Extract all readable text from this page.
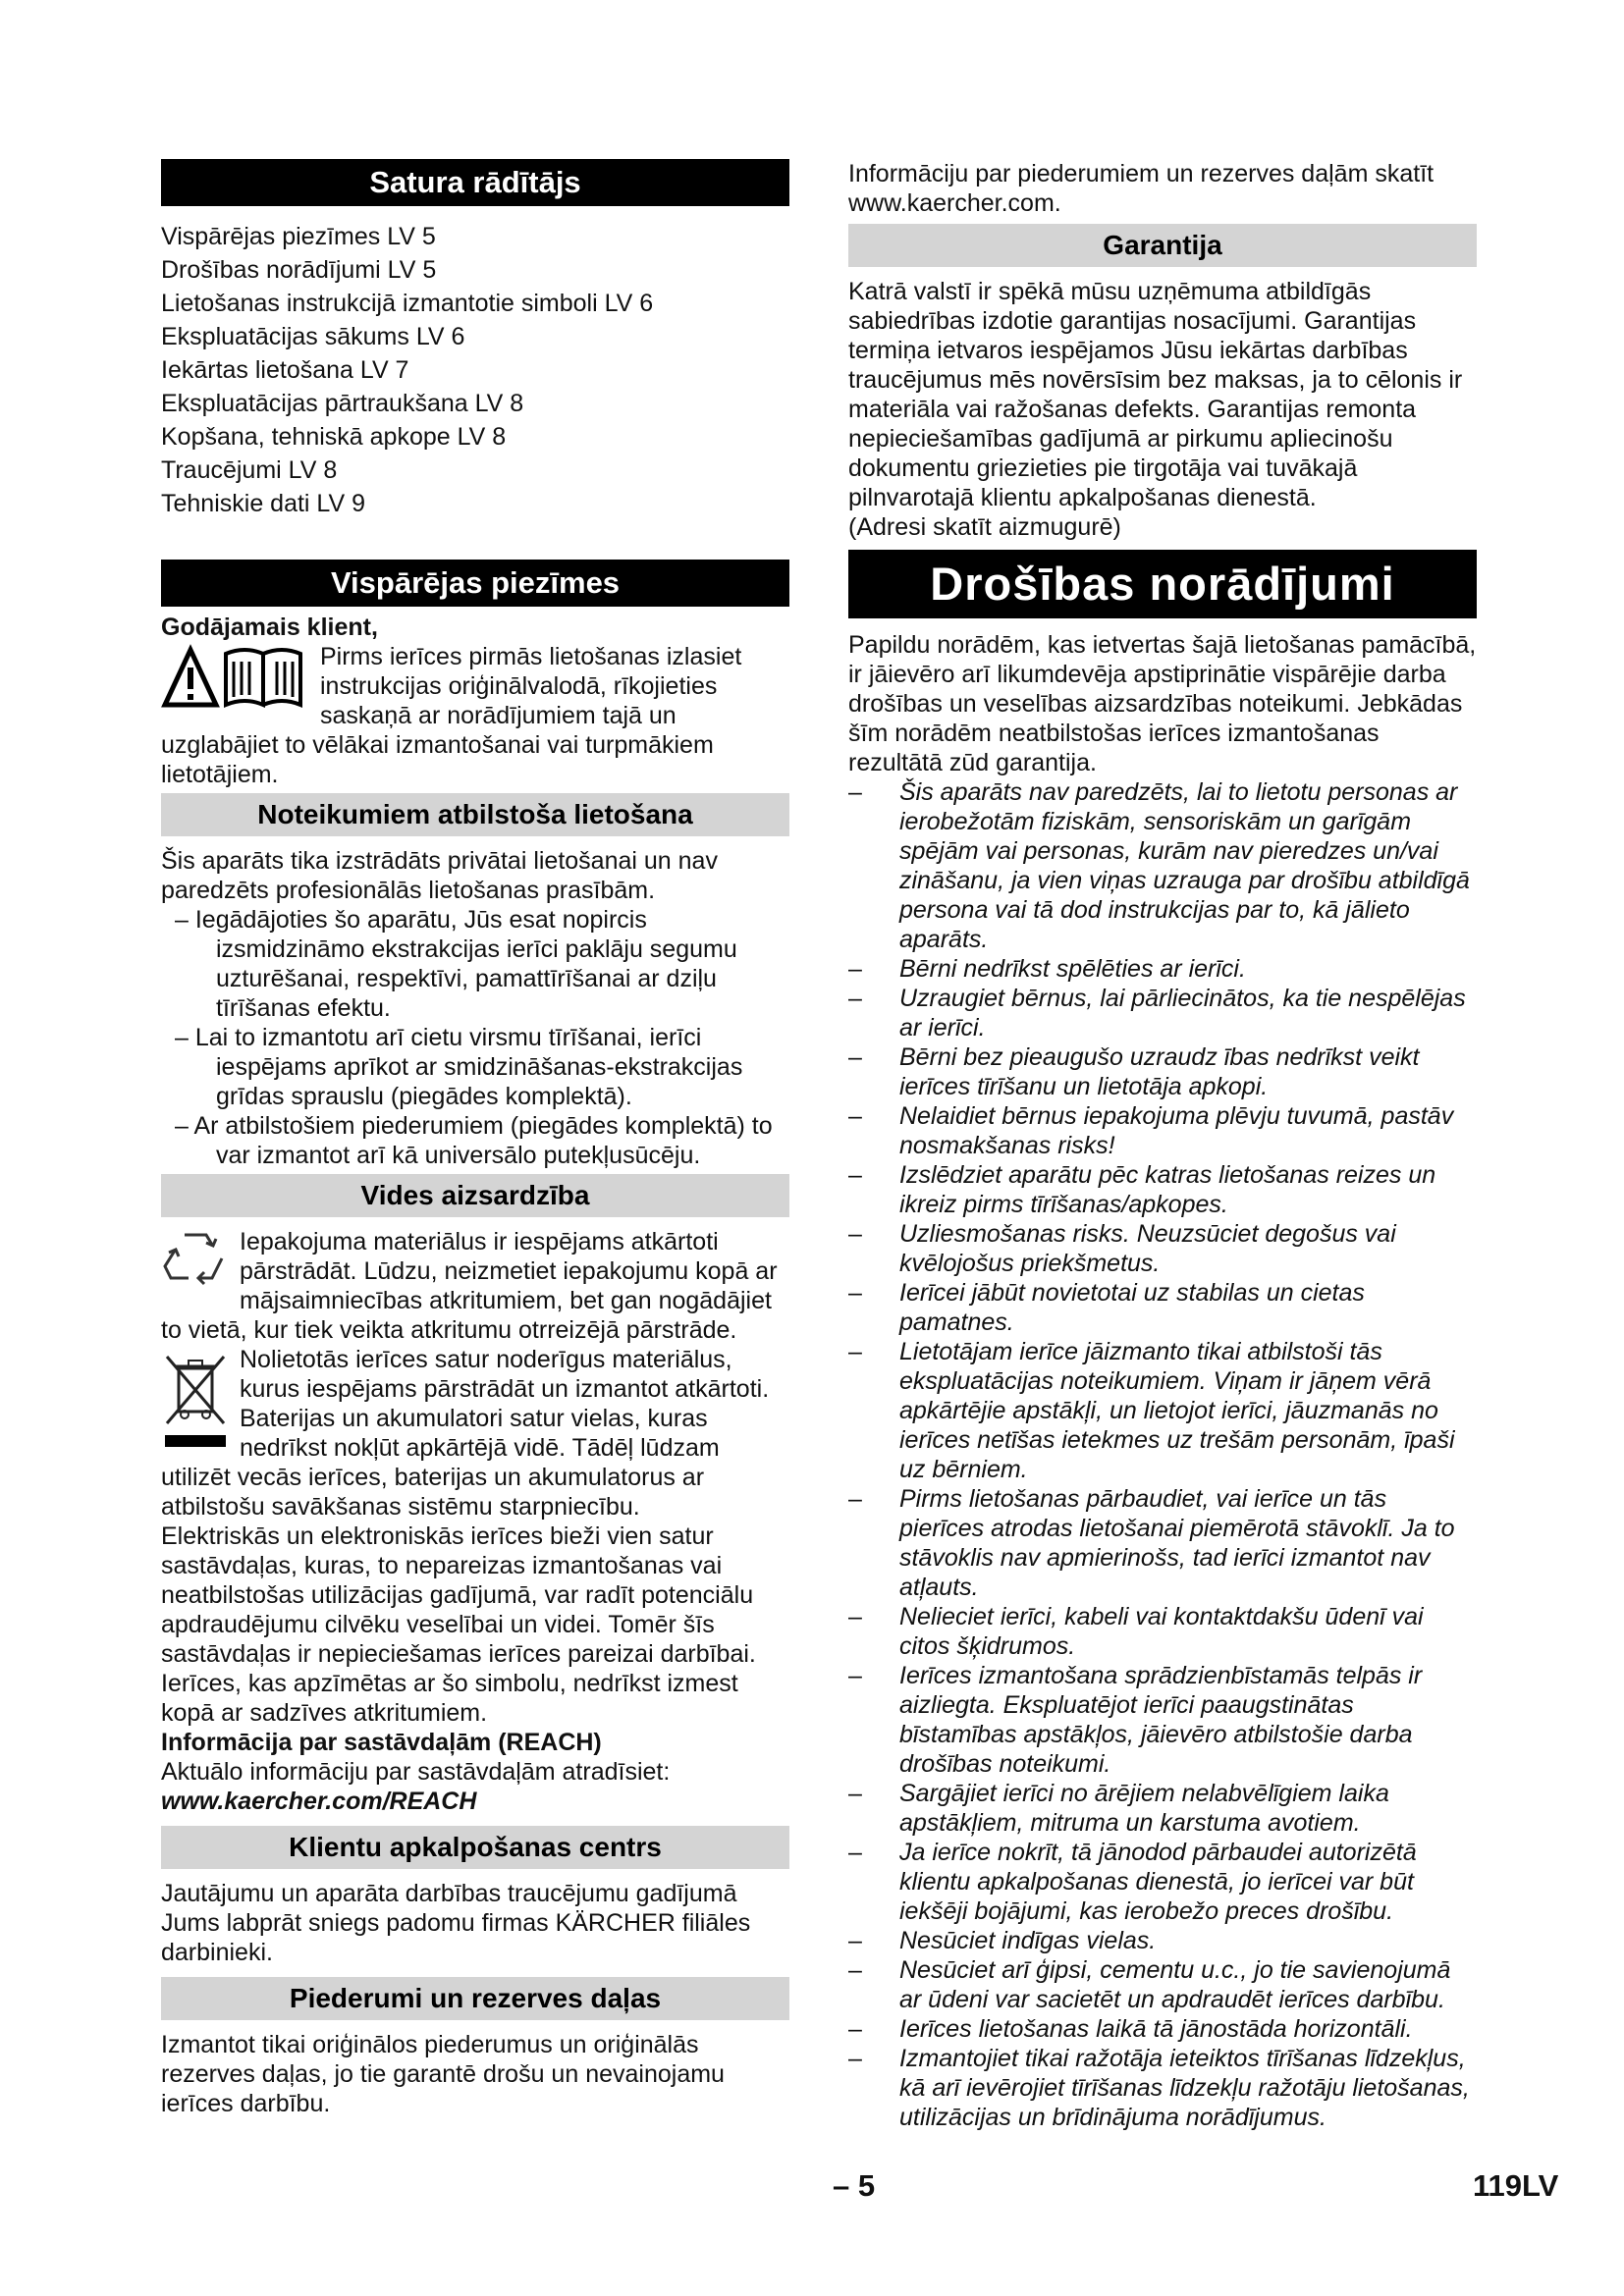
Satura rādītājs
Vispārējas piezīmes LV 5
Drošības norādījumi LV 5
Lietošanas instrukcijā izmantotie simboli LV 6
Ekspluatācijas sākums LV 6
Iekārtas lietošana LV 7
Ekspluatācijas pārtraukšana LV 8
Kopšana, tehniskā apkope LV 8
Traucējumi LV 8
Tehniskie dati LV 9
Vispārējas piezīmes

Godājamais klient,

Pirms ierīces pirmās lietošanas izlasiet instrukcijas oriģinālvalodā, rīkojieties saskaņā ar norādījumiem tajā un uzglabājiet to vēlākai izmantošanai vai turpmākiem lietotājiem.

Noteikumiem atbilstoša lietošana

Šis aparāts tika izstrādāts privātai lietošanai un nav paredzēts profesionālās lietošanas prasībām.

– Iegādājoties šo aparātu, Jūs esat nopircis izsmidzināmo ekstrakcijas ierīci paklāju segumu uzturēšanai, respektīvi, pamattīrīšanai ar dziļu tīrīšanas efektu.

– Lai to izmantotu arī cietu virsmu tīrīšanai, ierīci iespējams aprīkot ar smidzināšanas-ekstrakcijas grīdas sprauslu (piegādes komplektā).

– Ar atbilstošiem piederumiem (piegādes komplektā) to var izmantot arī kā universālo putekļusūcēju.

Vides aizsardzība

Iepakojuma materiālus ir iespējams atkārtoti pārstrādāt. Lūdzu, neizmetiet iepakojumu kopā ar mājsaimniecības atkritumiem, bet gan nogādājiet to vietā, kur tiek veikta atkritumu otrreizējā pārstrāde.

Nolietotās ierīces satur noderīgus materiālus, kurus iespējams pārstrādāt un izmantot atkārtoti. Baterijas un akumulatori satur vielas, kuras nedrīkst nokļūt apkārtējā vidē. Tādēļ lūdzam utilizēt vecās ierīces, baterijas un akumulatorus ar atbilstošu savākšanas sistēmu starpniecību.

Elektriskās un elektroniskās ierīces bieži vien satur sastāvdaļas, kuras, to nepareizas izmantošanas vai neatbilstošas utilizācijas gadījumā, var radīt potenciālu apdraudējumu cilvēku veselībai un videi. Tomēr šīs sastāvdaļas ir nepieciešamas ierīces pareizai darbībai. Ierīces, kas apzīmētas ar šo simbolu, nedrīkst izmest kopā ar sadzīves atkritumiem.

Informācija par sastāvdaļām (REACH)

Aktuālo informāciju par sastāvdaļām atradīsiet:

www.kaercher.com/REACH

Klientu apkalpošanas centrs

Jautājumu un aparāta darbības traucējumu gadījumā Jums labprāt sniegs padomu firmas KÄRCHER filiāles darbinieki.

Piederumi un rezerves daļas

Izmantot tikai oriģinālos piederumus un oriģinālās rezerves daļas, jo tie garantē drošu un nevainojamu ierīces darbību.

Informāciju par piederumiem un rezerves daļām skatīt www.kaercher.com.

Garantija

Katrā valstī ir spēkā mūsu uzņēmuma atbildīgās sabiedrības izdotie garantijas nosacījumi. Garantijas termiņa ietvaros iespējamos Jūsu iekārtas darbības traucējumus mēs novērsīsim bez maksas, ja to cēlonis ir materiāla vai ražošanas defekts. Garantijas remonta nepieciešamības gadījumā ar pirkumu apliecinošu dokumentu griezieties pie tirgotāja vai tuvākajā pilnvarotajā klientu apkalpošanas dienestā.

(Adresi skatīt aizmugurē)

Drošības norādījumi

Papildu norādēm, kas ietvertas šajā lietošanas pamācībā, ir jāievēro arī likumdevēja apstiprinātie vispārējie darba drošības un veselības aizsardzības noteikumi. Jebkādas šīm norādēm neatbilstošas ierīces izmantošanas rezultātā zūd garantija.

– Šis aparāts nav paredzēts, lai to lietotu personas ar ierobežotām fiziskām, sensoriskām un garīgām spējām vai personas, kurām nav pieredzes un/vai zināšanu, ja vien viņas uzrauga par drošību atbildīgā persona vai tā dod instrukcijas par to, kā jālieto aparāts.
– Bērni nedrīkst spēlēties ar ierīci.
– Uzraugiet bērnus, lai pārliecinātos, ka tie nespēlējas ar ierīci.
– Bērni bez pieaugušo uzraudz ības nedrīkst veikt ierīces tīrīšanu un lietotāja apkopi.
– Nelaidiet bērnus iepakojuma plēvju tuvumā, pastāv nosmakšanas risks!
– Izslēdziet aparātu pēc katras lietošanas reizes un ikreiz pirms tīrīšanas/apkopes.
– Uzliesmošanas risks. Neuzsūciet degošus vai kvēlojošus priekšmetus.
– Ierīcei jābūt novietotai uz stabilas un cietas pamatnes.
– Lietotājam ierīce jāizmanto tikai atbilstoši tās ekspluatācijas noteikumiem. Viņam ir jāņem vērā apkārtējie apstākļi, un lietojot ierīci, jāuzmanās no ierīces netīšas ietekmes uz trešām personām, īpaši uz bērniem.
– Pirms lietošanas pārbaudiet, vai ierīce un tās pierīces atrodas lietošanai piemērotā stāvoklī. Ja to stāvoklis nav apmierinošs, tad ierīci izmantot nav atļauts.
– Nelieciet ierīci, kabeli vai kontaktdakšu ūdenī vai citos šķidrumos.
– Ierīces izmantošana sprādzienbīstamās telpās ir aizliegta. Ekspluatējot ierīci paaugstinātas bīstamības apstākļos, jāievēro atbilstošie darba drošības noteikumi.
– Sargājiet ierīci no ārējiem nelabvēlīgiem laika apstākļiem, mitruma un karstuma avotiem.
– Ja ierīce nokrīt, tā jānodod pārbaudei autorizētā klientu apkalpošanas dienestā, jo ierīcei var būt iekšēji bojājumi, kas ierobežo preces drošību.
– Nesūciet indīgas vielas.
– Nesūciet arī ģipsi, cementu u.c., jo tie savienojumā ar ūdeni var sacietēt un apdraudēt ierīces darbību.
– Ierīces lietošanas laikā tā jānostāda horizontāli.
– Izmantojiet tikai ražotāja ieteiktos tīrīšanas līdzekļus, kā arī ievērojiet tīrīšanas līdzekļu ražotāju lietošanas, utilizācijas un brīdinājuma norādījumus.
– 5	119LV
